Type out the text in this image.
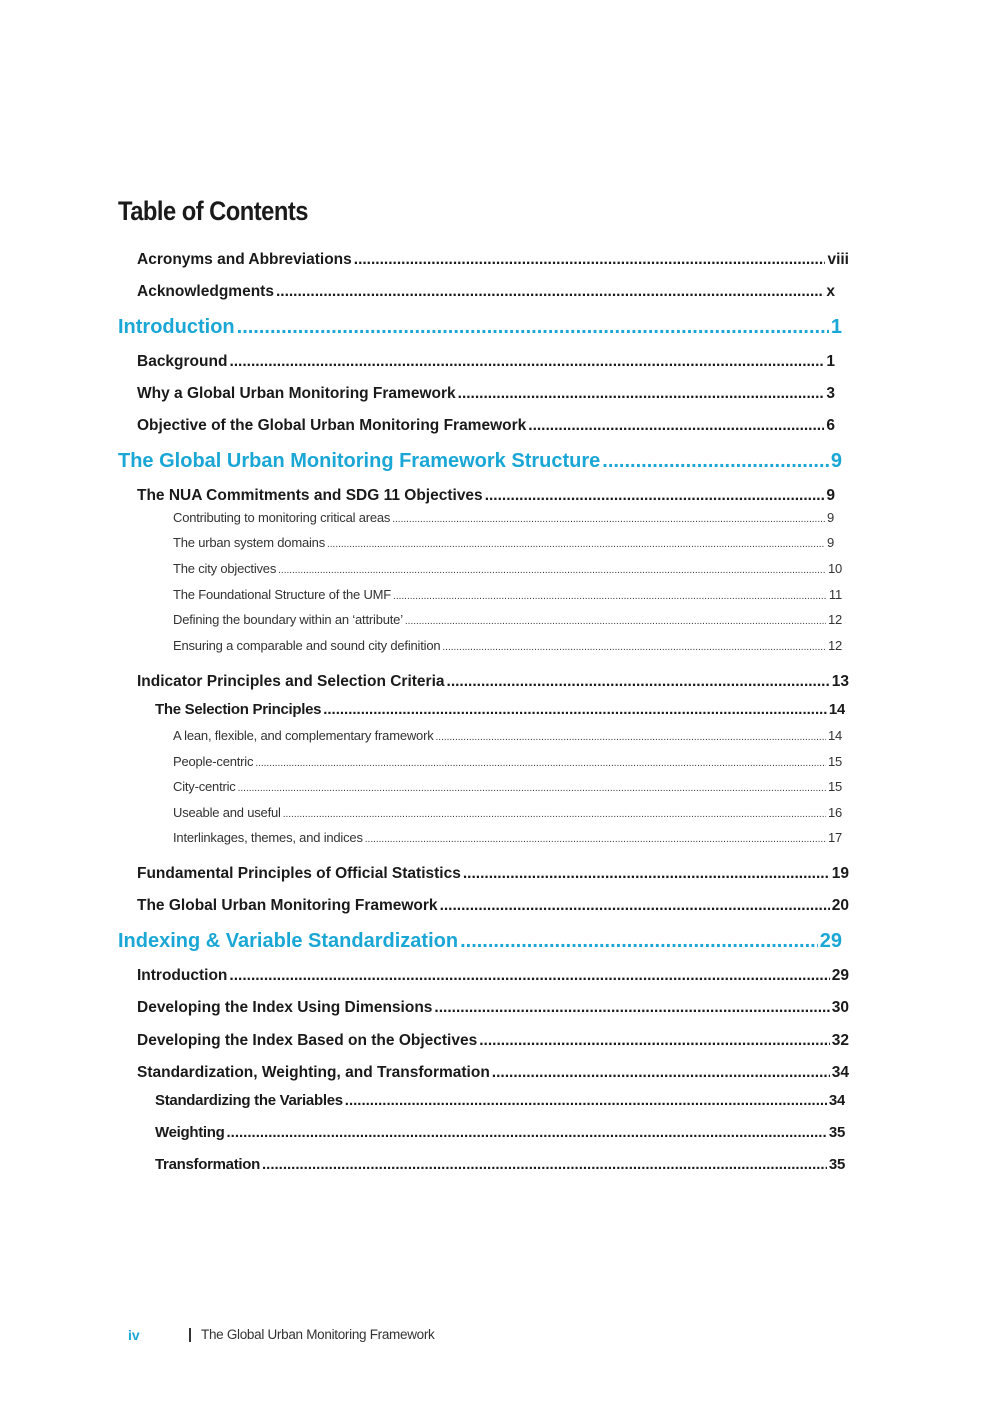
Table of Contents
Acronyms and Abbreviations .....	viii
Acknowledgments .....	x
Introduction .....	1
Background .....	1
Why a Global Urban Monitoring Framework .....	3
Objective of the Global Urban Monitoring Framework .....	6
The Global Urban Monitoring Framework Structure .....	9
The NUA Commitments and SDG 11 Objectives .....	9
Contributing to monitoring critical areas .....	9
The urban system domains .....	9
The city objectives .....	10
The Foundational Structure of the UMF .....	11
Defining the boundary within an ‘attribute’ .....	12
Ensuring a comparable and sound city definition .....	12
Indicator Principles and Selection Criteria .....	13
The Selection Principles .....	14
A lean, flexible, and complementary framework .....	14
People-centric .....	15
City-centric .....	15
Useable and useful .....	16
Interlinkages, themes, and indices .....	17
Fundamental Principles of Official Statistics .....	19
The Global Urban Monitoring Framework .....	20
Indexing & Variable Standardization .....	29
Introduction .....	29
Developing the Index Using Dimensions .....	30
Developing the Index Based on the Objectives .....	32
Standardization, Weighting, and Transformation .....	34
Standardizing the Variables .....	34
Weighting .....	35
Transformation .....	35
iv	The Global Urban Monitoring Framework
